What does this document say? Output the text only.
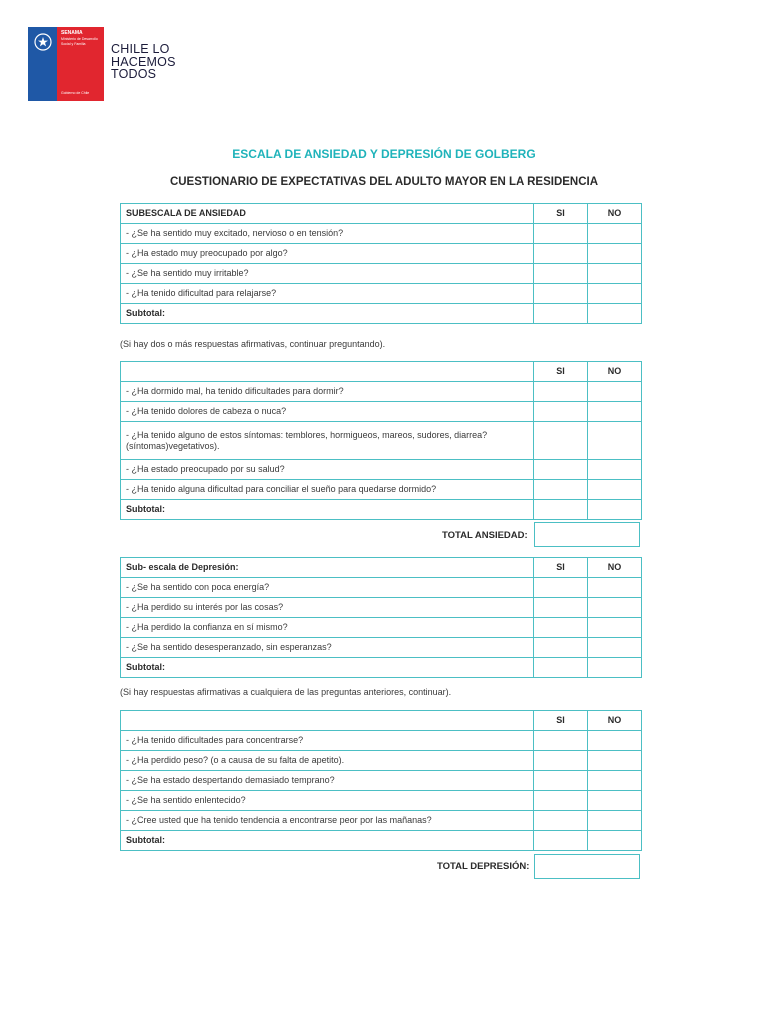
SENAMA
Ministerio de Desarrollo Social y Familia
Gobierno de Chile
CHILE LO
HACEMOS
TODOS
ESCALA DE ANSIEDAD Y DEPRESIÓN DE GOLBERG
CUESTIONARIO DE EXPECTATIVAS DEL ADULTO MAYOR EN LA RESIDENCIA
SUBESCALA DE ANSIEDAD	SI	NO
- ¿Se ha sentido muy excitado, nervioso o en tensión?		
- ¿Ha estado muy preocupado por algo?		
- ¿Se ha sentido muy irritable?		
- ¿Ha tenido dificultad para relajarse?		
Subtotal:		
(Si hay dos o más respuestas afirmativas, continuar preguntando).
	SI	NO
- ¿Ha dormido mal, ha tenido dificultades para dormir?		
- ¿Ha tenido dolores de cabeza o nuca?		
- ¿Ha tenido alguno de estos síntomas: temblores, hormigueos, mareos, sudores, diarrea? (síntomas)vegetativos).		
- ¿Ha estado preocupado por su salud?		
- ¿Ha tenido alguna dificultad para conciliar el sueño para quedarse dormido?		
Subtotal:		
TOTAL ANSIEDAD:
Sub- escala de Depresión:	SI	NO
- ¿Se ha sentido con poca energía?		
- ¿Ha perdido su interés por las cosas?		
- ¿Ha perdido la confianza en sí mismo?		
- ¿Se ha sentido desesperanzado, sin esperanzas?		
Subtotal:		
(Si hay respuestas afirmativas a cualquiera de las preguntas anteriores, continuar).
	SI	NO
- ¿Ha tenido dificultades para concentrarse?		
- ¿Ha perdido peso? (o a causa de su falta de apetito).		
- ¿Se ha estado despertando demasiado temprano?		
- ¿Se ha sentido enlentecido?		
- ¿Cree usted que ha tenido tendencia a encontrarse peor por las mañanas?		
Subtotal:		
TOTAL DEPRESIÓN:
